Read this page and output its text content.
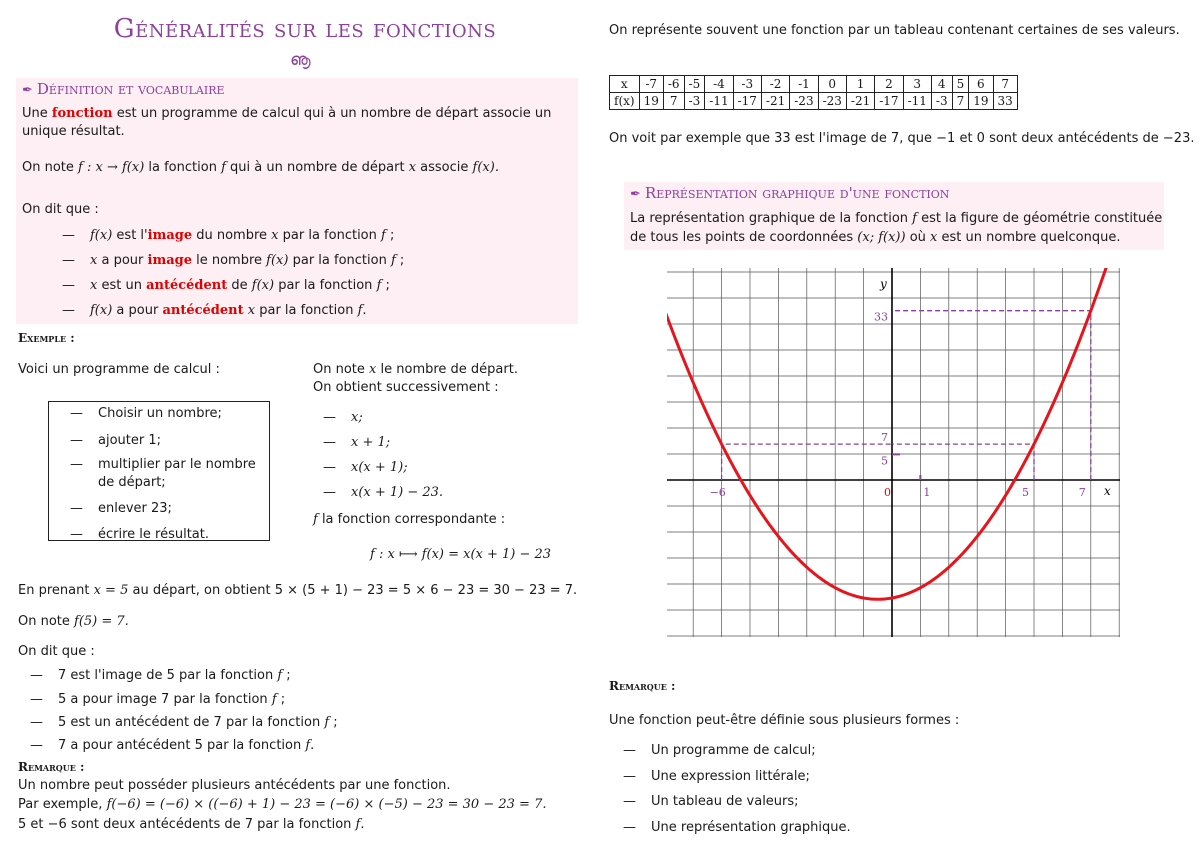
Généralités sur les fonctions
ൡ
✒ Définition et vocabulaire
Une fonction est un programme de calcul qui à un nombre de départ associe un
unique résultat.
On note f : x → f(x) la fonction f qui à un nombre de départ x associe f(x).
On dit que :
— f(x) est l'image du nombre x par la fonction f ;
— x a pour image le nombre f(x) par la fonction f ;
— x est un antécédent de f(x) par la fonction f ;
— f(x) a pour antécédent x par la fonction f.
Exemple :
Voici un programme de calcul :
— Choisir un nombre;
— ajouter 1;
— multiplier par le nombre
de départ;
— enlever 23;
— écrire le résultat.
On note x le nombre de départ.
On obtient successivement :
— x;
— x + 1;
— x(x + 1);
— x(x + 1) − 23.
f la fonction correspondante :
f : x ⟼ f(x) = x(x + 1) − 23
En prenant x = 5 au départ, on obtient 5 × (5 + 1) − 23 = 5 × 6 − 23 = 30 − 23 = 7.
On note f(5) = 7.
On dit que :
— 7 est l'image de 5 par la fonction f ;
— 5 a pour image 7 par la fonction f ;
— 5 est un antécédent de 7 par la fonction f ;
— 7 a pour antécédent 5 par la fonction f.
Remarque :
Un nombre peut posséder plusieurs antécédents par une fonction.
Par exemple, f(−6) = (−6) × ((−6) + 1) − 23 = (−6) × (−5) − 23 = 30 − 23 = 7.
5 et −6 sont deux antécédents de 7 par la fonction f.
On représente souvent une fonction par un tableau contenant certaines de ses valeurs.
x	-7	-6	-5	-4	-3	-2	-1	0	1	2	3	4	5	6	7
f(x)	19	7	-3	-11	-17	-21	-23	-23	-21	-17	-11	-3	7	19	33
On voit par exemple que 33 est l'image de 7, que −1 et 0 sont deux antécédents de −23.
✒ Représentation graphique d'une fonction
La représentation graphique de la fonction f est la figure de géométrie constituée
de tous les points de coordonnées (x; f(x)) où x est un nombre quelconque.
−6	0	1	5	7
33
7
5
x
y
Remarque :
Une fonction peut-être définie sous plusieurs formes :
— Un programme de calcul;
— Une expression littérale;
— Un tableau de valeurs;
— Une représentation graphique.
